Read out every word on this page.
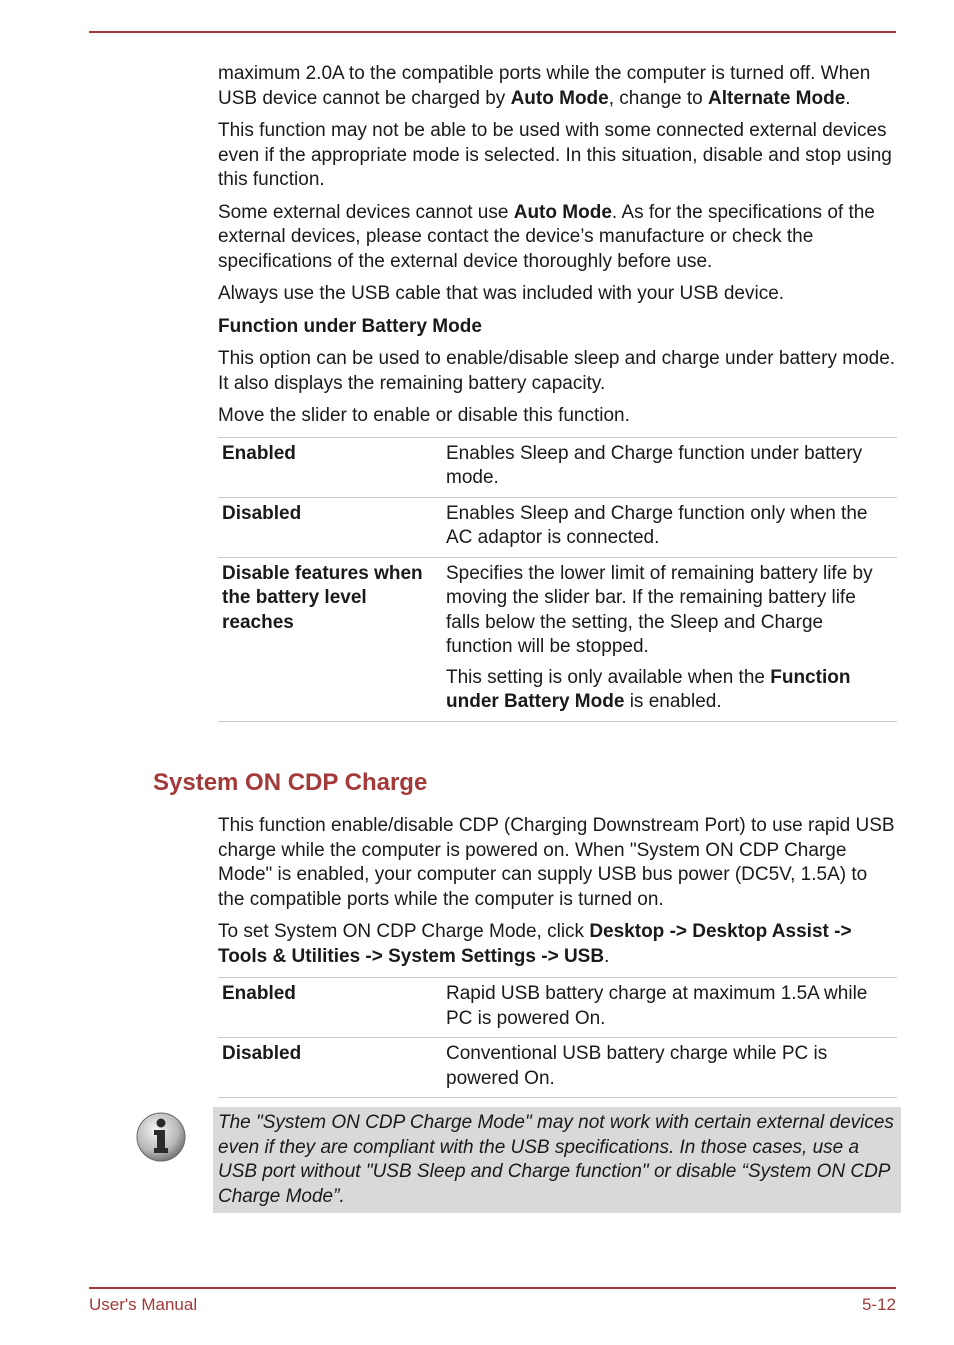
maximum 2.0A to the compatible ports while the computer is turned off. When USB device cannot be charged by Auto Mode, change to Alternate Mode.

This function may not be able to be used with some connected external devices even if the appropriate mode is selected. In this situation, disable and stop using this function.

Some external devices cannot use Auto Mode. As for the specifications of the external devices, please contact the device’s manufacture or check the specifications of the external device thoroughly before use.

Always use the USB cable that was included with your USB device.

Function under Battery Mode

This option can be used to enable/disable sleep and charge under battery mode. It also displays the remaining battery capacity.

Move the slider to enable or disable this function.

Enabled	Enables Sleep and Charge function under battery mode.
Disabled	Enables Sleep and Charge function only when the AC adaptor is connected.
Disable features when the battery level reaches	Specifies the lower limit of remaining battery life by moving the slider bar. If the remaining battery life falls below the setting, the Sleep and Charge function will be stopped.

This setting is only available when the Function under Battery Mode is enabled.

System ON CDP Charge

This function enable/disable CDP (Charging Downstream Port) to use rapid USB charge while the computer is powered on. When "System ON CDP Charge Mode" is enabled, your computer can supply USB bus power (DC5V, 1.5A) to the compatible ports while the computer is turned on.

To set System ON CDP Charge Mode, click Desktop -> Desktop Assist -> Tools & Utilities -> System Settings -> USB.

Enabled	Rapid USB battery charge at maximum 1.5A while PC is powered On.
Disabled	Conventional USB battery charge while PC is powered On.
The "System ON CDP Charge Mode" may not work with certain external devices even if they are compliant with the USB specifications. In those cases, use a USB port without "USB Sleep and Charge function" or disable “System ON CDP Charge Mode”.
User's Manual	5-12
